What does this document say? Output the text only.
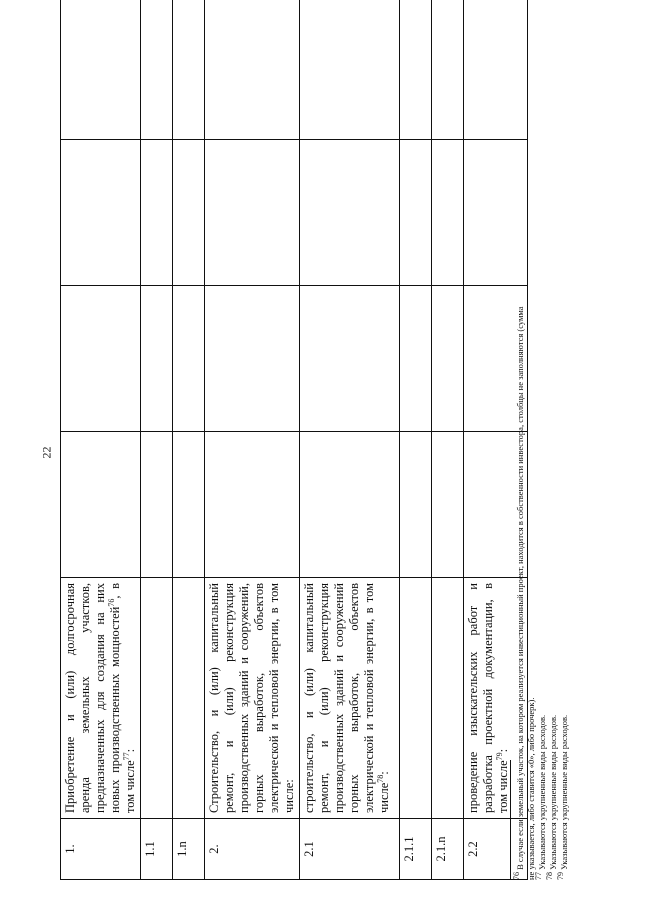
22
1.	Приобретение и (или) долгосрочная аренда земельных участков, предназначенных для создания на них новых производственных мощностей$^{76}$, в том числе$^{77}$:				
1.1					
1.n					
2.	Строительство, и (или) капитальный ремонт, и (или) реконструкция производственных зданий и сооружений, горных выработок, объектов электрической и тепловой энергии, в том числе:				
2.1	строительство, и (или) капитальный ремонт, и (или) реконструкция производственных зданий и сооружений горных выработок, объектов электрической и тепловой энергии, в том числе$^{78}$:				
2.1.1					
2.1.n					
2.2	проведение изыскательских работ и разработка проектной документации, в том числе$^{79}$:				
$^{76}$ В случае если земельный участок, на котором реализуется инвестиционный проект, находится в собственности инвестора, столбцы не заполняются (сумма не указывается, либо ставится «0», либо прочерк).
$^{77}$ Указываются укрупненные виды расходов.
$^{78}$ Указываются укрупненные виды расходов.
$^{79}$ Указываются укрупненные виды расходов.
